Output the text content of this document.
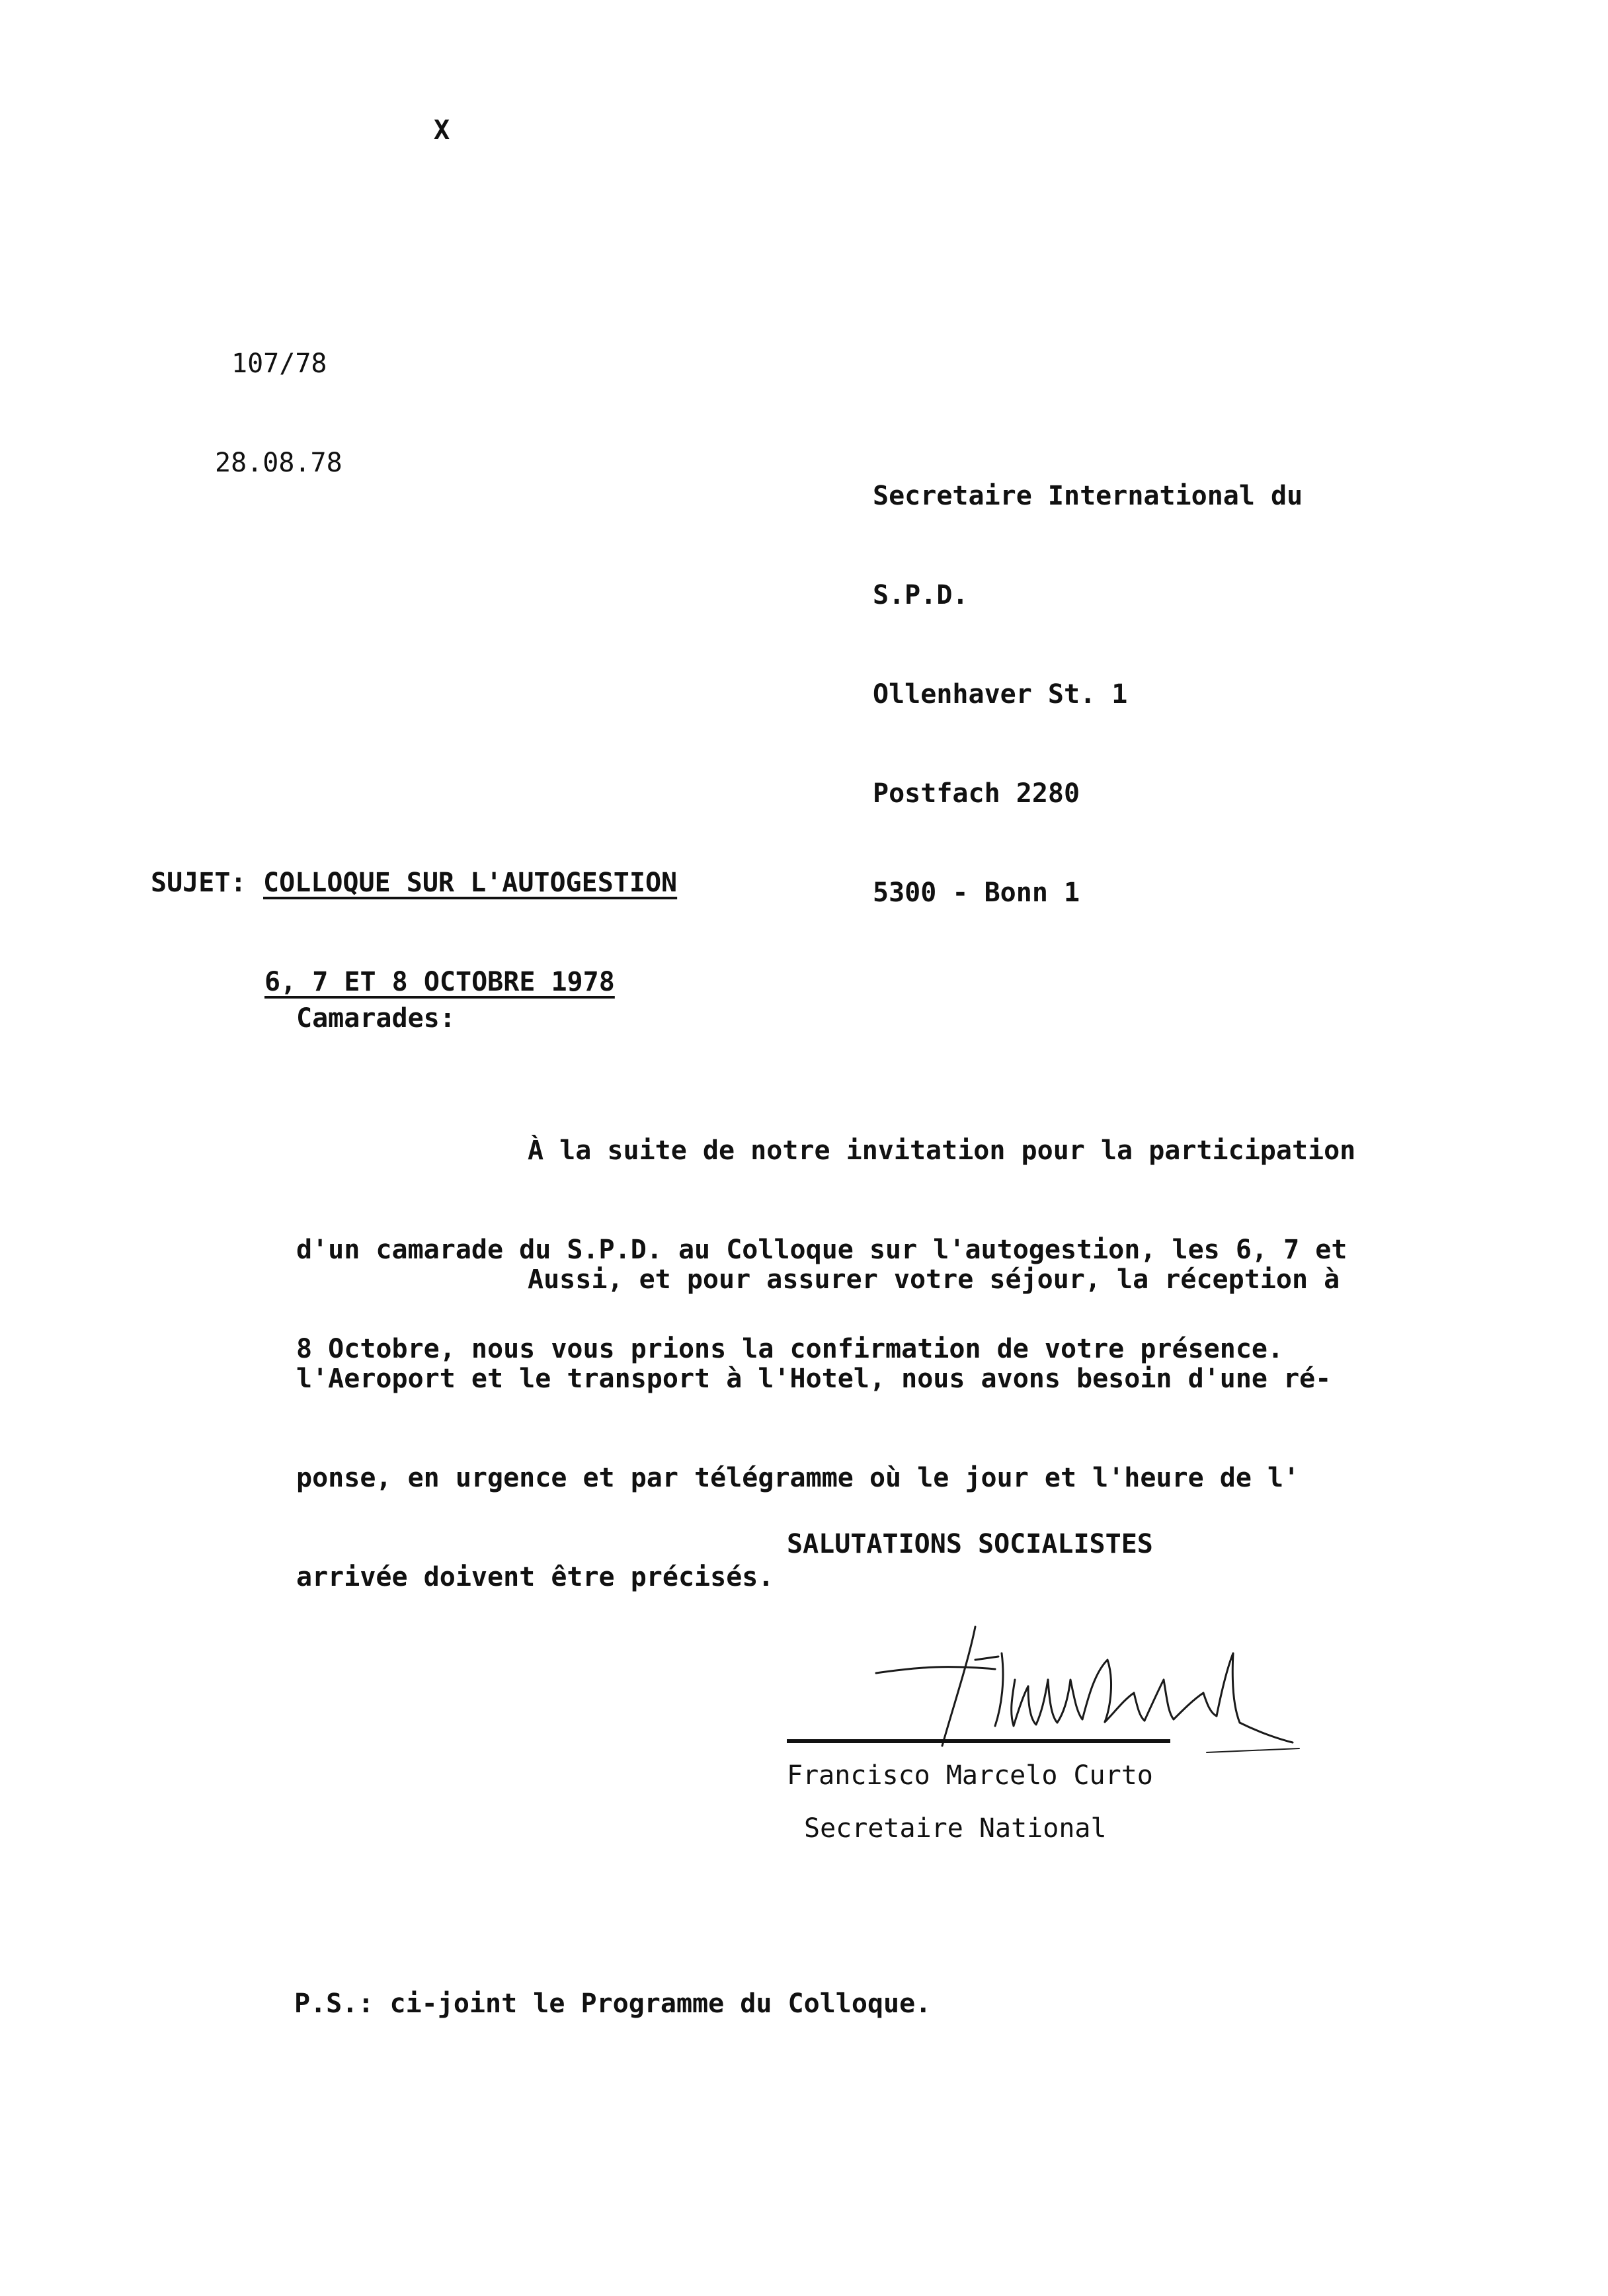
X
107/78
28.08.78

Secretaire International du

S.P.D.

Ollenhaver St. 1

Postfach 2280

5300 - Bonn 1

SUJET: COLLOQUE SUR L'AUTOGESTION

6, 7 ET 8 OCTOBRE 1978

Camarades:

À la suite de notre invitation pour la participation

d'un camarade du S.P.D. au Colloque sur l'autogestion, les 6, 7 et

8 Octobre, nous vous prions la confirmation de votre présence.

Aussi, et pour assurer votre séjour, la réception à

l'Aeroport et le transport à l'Hotel, nous avons besoin d'une ré-

ponse, en urgence et par télégramme où le jour et l'heure de l'

arrivée doivent être précisés.

SALUTATIONS SOCIALISTES
Francisco Marcelo Curto
Secretaire National
P.S.: ci-joint le Programme du Colloque.
